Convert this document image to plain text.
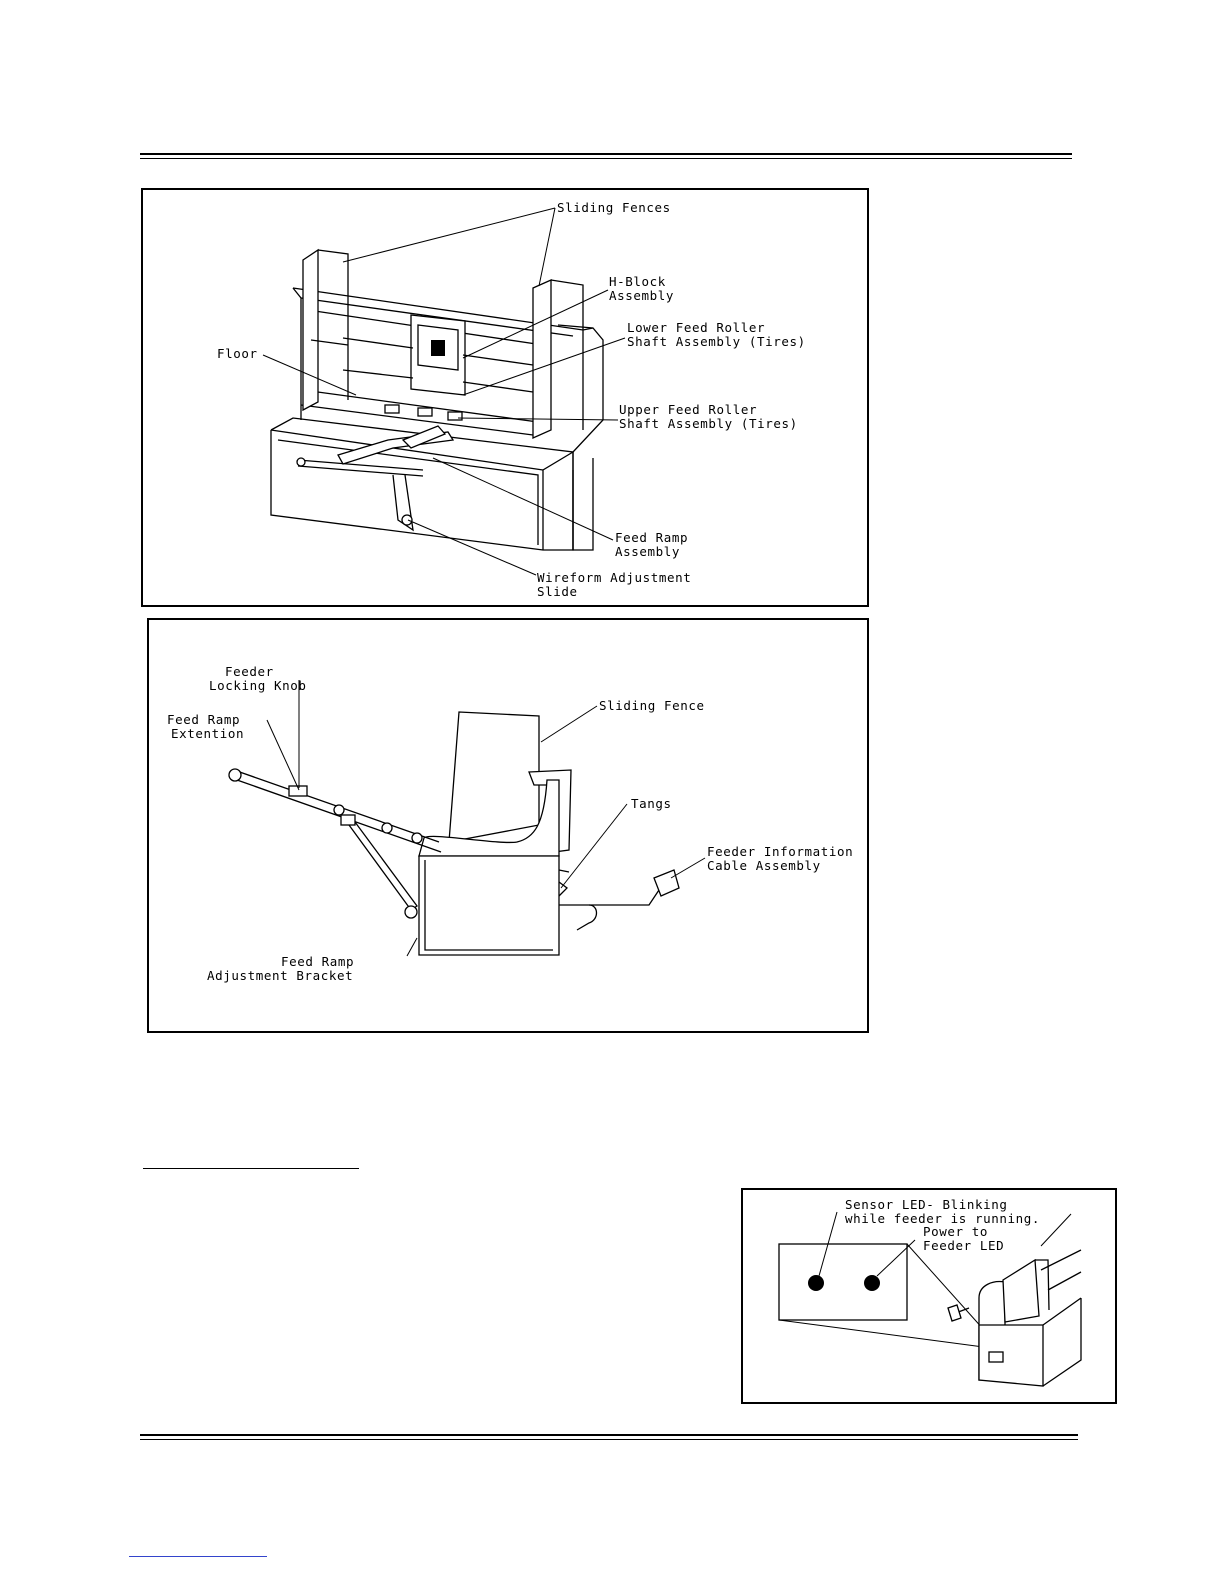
Sliding Fences
H-Block
Assembly
Lower Feed Roller
Shaft Assembly (Tires)
Floor
Upper Feed Roller
Shaft Assembly (Tires)
Feed Ramp
Assembly
Wireform Adjustment
Slide
Feeder
Locking Knob
Feed Ramp
Extention
Sliding Fence
Tangs
Feeder Information
Cable Assembly
Feed Ramp
Adjustment Bracket
Sensor LED- Blinking
while feeder is running.
Power to
Feeder LED
